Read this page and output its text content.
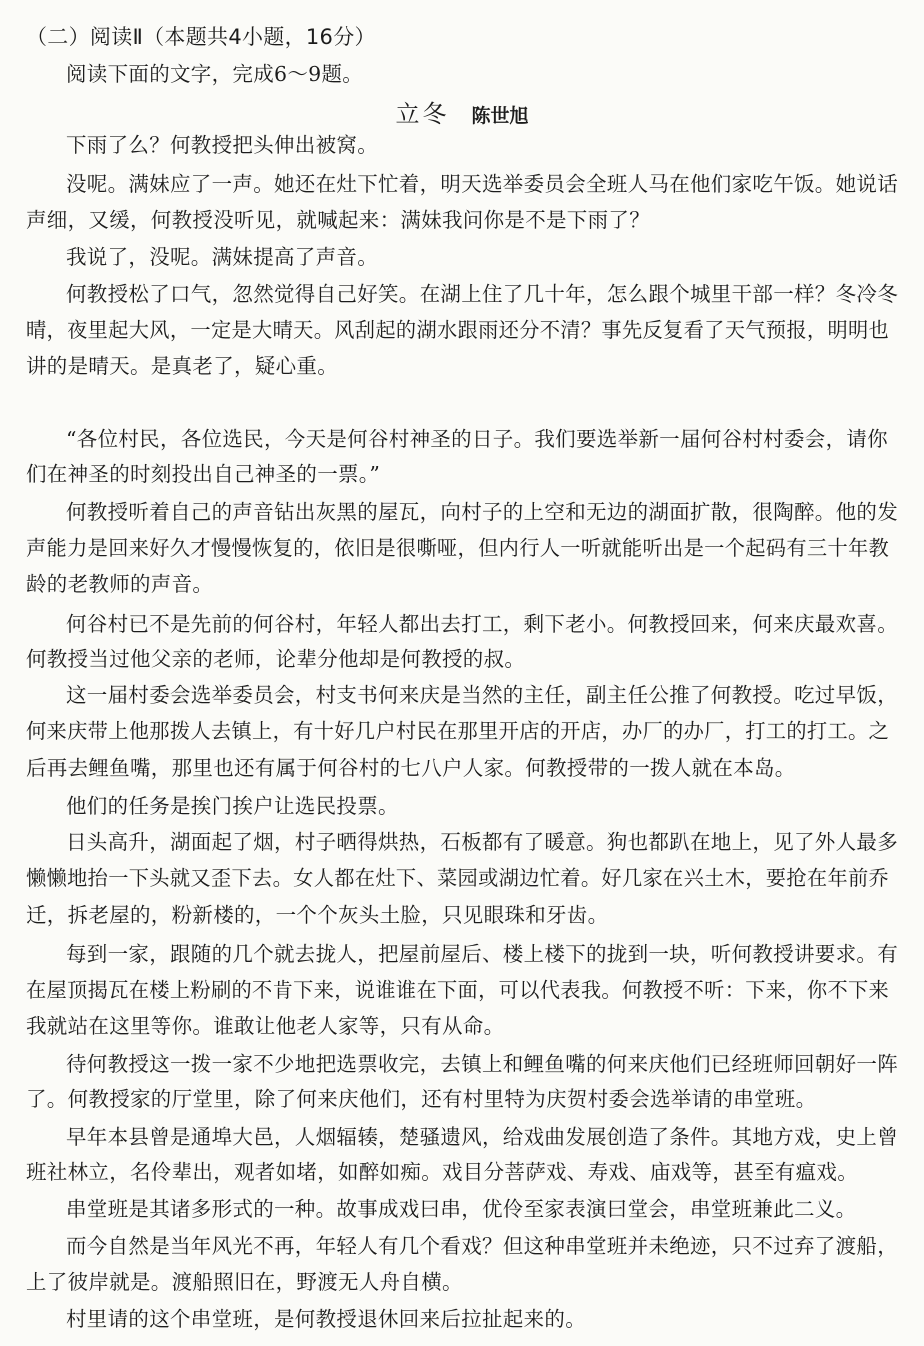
（二）阅读Ⅱ（本题共4小题，16分）
阅读下面的文字，完成6～9题。
立冬 陈世旭
下雨了么？何教授把头伸出被窝。
没呢。满妹应了一声。她还在灶下忙着，明天选举委员会全班人马在他们家吃午饭。她说话
声细，又缓，何教授没听见，就喊起来：满妹我问你是不是下雨了？
我说了，没呢。满妹提高了声音。
何教授松了口气，忽然觉得自己好笑。在湖上住了几十年，怎么跟个城里干部一样？冬冷冬
晴，夜里起大风，一定是大晴天。风刮起的湖水跟雨还分不清？事先反复看了天气预报，明明也
讲的是晴天。是真老了，疑心重。
“各位村民，各位选民，今天是何谷村神圣的日子。我们要选举新一届何谷村村委会，请你
们在神圣的时刻投出自己神圣的一票。”
何教授听着自己的声音钻出灰黑的屋瓦，向村子的上空和无边的湖面扩散，很陶醉。他的发
声能力是回来好久才慢慢恢复的，依旧是很嘶哑，但内行人一听就能听出是一个起码有三十年教
龄的老教师的声音。
何谷村已不是先前的何谷村，年轻人都出去打工，剩下老小。何教授回来，何来庆最欢喜。
何教授当过他父亲的老师，论辈分他却是何教授的叔。
这一届村委会选举委员会，村支书何来庆是当然的主任，副主任公推了何教授。吃过早饭，
何来庆带上他那拨人去镇上，有十好几户村民在那里开店的开店，办厂的办厂，打工的打工。之
后再去鲤鱼嘴，那里也还有属于何谷村的七八户人家。何教授带的一拨人就在本岛。
他们的任务是挨门挨户让选民投票。
日头高升，湖面起了烟，村子晒得烘热，石板都有了暖意。狗也都趴在地上，见了外人最多
懒懒地抬一下头就又歪下去。女人都在灶下、菜园或湖边忙着。好几家在兴土木，要抢在年前乔
迁，拆老屋的，粉新楼的，一个个灰头土脸，只见眼珠和牙齿。
每到一家，跟随的几个就去拢人，把屋前屋后、楼上楼下的拢到一块，听何教授讲要求。有
在屋顶揭瓦在楼上粉刷的不肯下来，说谁谁在下面，可以代表我。何教授不听：下来，你不下来
我就站在这里等你。谁敢让他老人家等，只有从命。
待何教授这一拨一家不少地把选票收完，去镇上和鲤鱼嘴的何来庆他们已经班师回朝好一阵
了。何教授家的厅堂里，除了何来庆他们，还有村里特为庆贺村委会选举请的串堂班。
早年本县曾是通埠大邑，人烟辐辏，楚骚遗风，给戏曲发展创造了条件。其地方戏，史上曾
班社林立，名伶辈出，观者如堵，如醉如痴。戏目分菩萨戏、寿戏、庙戏等，甚至有瘟戏。
串堂班是其诸多形式的一种。故事成戏曰串，优伶至家表演曰堂会，串堂班兼此二义。
而今自然是当年风光不再，年轻人有几个看戏？但这种串堂班并未绝迹，只不过弃了渡船，
上了彼岸就是。渡船照旧在，野渡无人舟自横。
村里请的这个串堂班，是何教授退休回来后拉扯起来的。
